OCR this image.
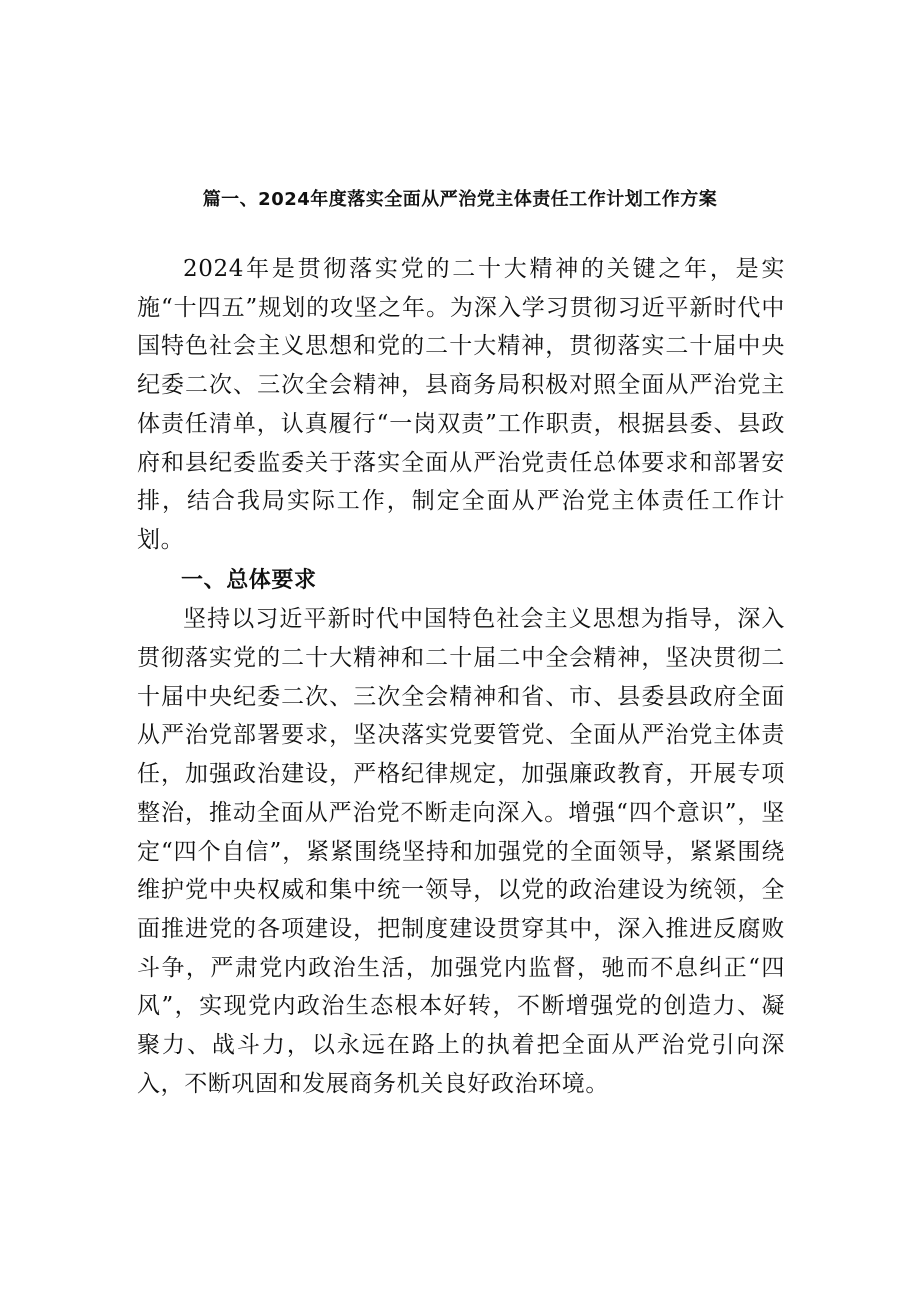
篇一、2024年度落实全面从严治党主体责任工作计划工作方案

2024年是贯彻落实党的二十大精神的关键之年，是实施“十四五”规划的攻坚之年。为深入学习贯彻习近平新时代中国特色社会主义思想和党的二十大精神，贯彻落实二十届中央纪委二次、三次全会精神，县商务局积极对照全面从严治党主体责任清单，认真履行“一岗双责”工作职责，根据县委、县政府和县纪委监委关于落实全面从严治党责任总体要求和部署安排，结合我局实际工作，制定全面从严治党主体责任工作计划。

一、总体要求

坚持以习近平新时代中国特色社会主义思想为指导，深入贯彻落实党的二十大精神和二十届二中全会精神，坚决贯彻二十届中央纪委二次、三次全会精神和省、市、县委县政府全面从严治党部署要求，坚决落实党要管党、全面从严治党主体责任，加强政治建设，严格纪律规定，加强廉政教育，开展专项整治，推动全面从严治党不断走向深入。增强“四个意识”，坚定“四个自信”，紧紧围绕坚持和加强党的全面领导，紧紧围绕维护党中央权威和集中统一领导，以党的政治建设为统领，全面推进党的各项建设，把制度建设贯穿其中，深入推进反腐败斗争，严肃党内政治生活，加强党内监督，驰而不息纠正“四风”，实现党内政治生态根本好转，不断增强党的创造力、凝聚力、战斗力，以永远在路上的执着把全面从严治党引向深入，不断巩固和发展商务机关良好政治环境。
